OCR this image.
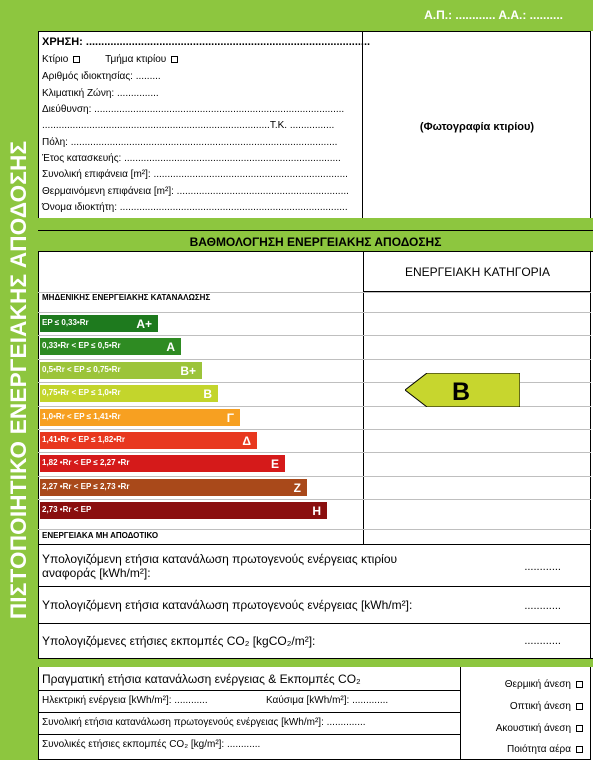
ΠΙΣΤΟΠΟΙΗΤΙΚΟ ΕΝΕΡΓΕΙΑΚΗΣ ΑΠΟΔΟΣΗΣ
Α.Π.: ............ Α.Α.: ..........
ΧΡΗΣΗ: .............................................................................................
Κτίριο	Τμήμα κτιρίου
Αριθμός ιδιοκτησίας: .........
Κλιματική Ζώνη: ...............
Διεύθυνση: ..........................................................................................
..................................................................................Τ.Κ. ................
Πόλη: ................................................................................................
Έτος κατασκευής: ..............................................................................
Συνολική επιφάνεια [m²]: ......................................................................
Θερμαινόμενη επιφάνεια [m²]: ..............................................................
Όνομα ιδιοκτήτη: ..................................................................................
(Φωτογραφία κτιρίου)
ΒΑΘΜΟΛΟΓΗΣΗ ΕΝΕΡΓΕΙΑΚΗΣ ΑΠΟΔΟΣΗΣ
ΕΝΕΡΓΕΙΑΚΗ ΚΑΤΗΓΟΡΙΑ
ΜΗΔΕΝΙΚΗΣ ΕΝΕΡΓΕΙΑΚΗΣ ΚΑΤΑΝΑΛΩΣΗΣ
EP ≤ 0,33•Rr	A+
0,33•Rr < EP ≤ 0,5•Rr	A
0,5•Rr < EP ≤ 0,75•Rr	B+
0,75•Rr < EP ≤ 1,0•Rr	B
1,0•Rr < EP ≤ 1,41•Rr	Γ
1,41•Rr < EP ≤ 1,82•Rr	Δ
1,82 •Rr < EP ≤ 2,27 •Rr	Ε
2,27 •Rr < EP ≤ 2,73 •Rr	Ζ
2,73 •Rr < EP	Η
ΕΝΕΡΓΕΙΑΚΑ ΜΗ ΑΠΟΔΟΤΙΚΟ
B
Υπολογιζόμενη ετήσια κατανάλωση πρωτογενούς ενέργειας κτιρίου
αναφοράς [kWh/m²]:	............
Υπολογιζόμενη ετήσια κατανάλωση πρωτογενούς ενέργειας [kWh/m²]:	............
Υπολογιζόμενες ετήσιες εκπομπές CO₂ [kgCO₂/m²]:	............
Πραγματική ετήσια κατανάλωση ενέργειας & Εκπομπές CO₂
Ηλεκτρική ενέργεια [kWh/m²]: ............	Καύσιμα [kWh/m²]: .............
Συνολική ετήσια κατανάλωση πρωτογενούς ενέργειας [kWh/m²]: ..............
Συνολικές ετήσιες εκπομπές CO₂ [kg/m²]: ............
Θερμική άνεση
Οπτική άνεση
Ακουστική άνεση
Ποιότητα αέρα
